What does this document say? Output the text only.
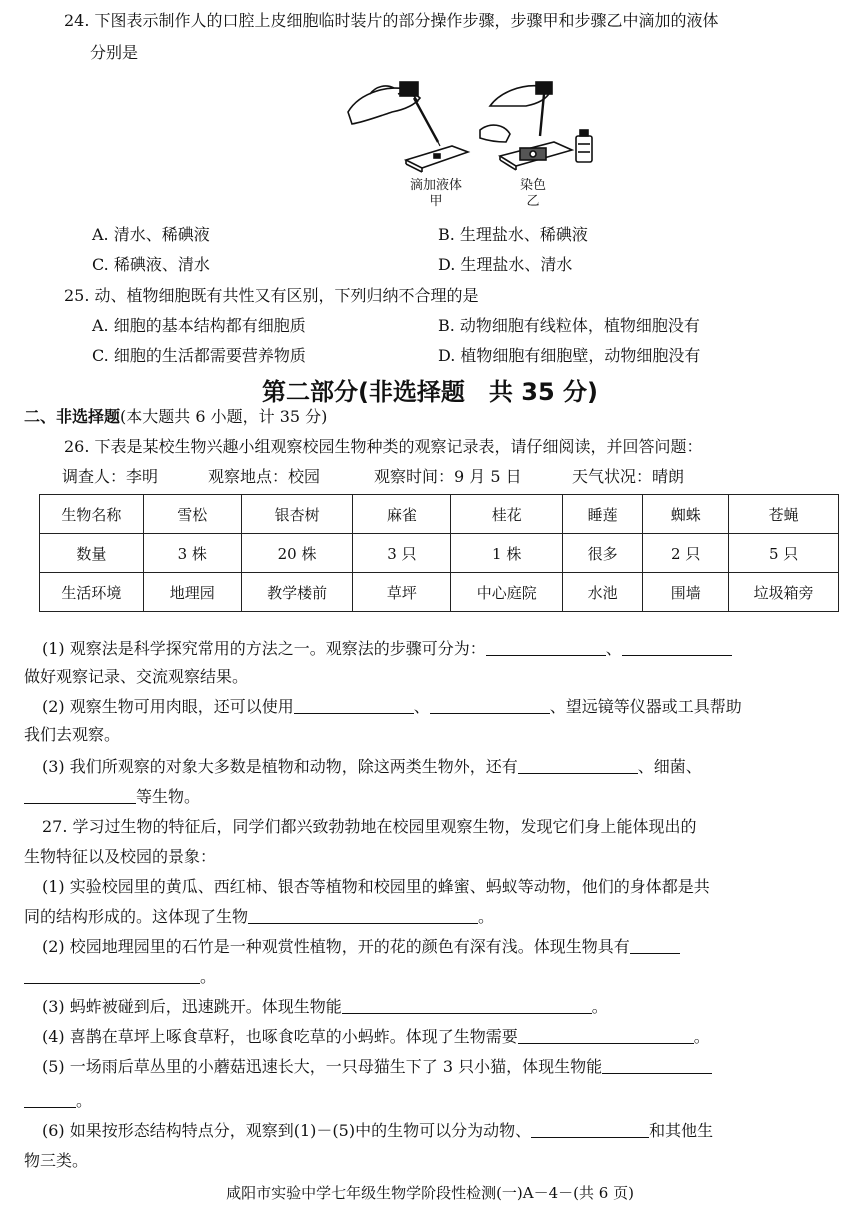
24. 下图表示制作人的口腔上皮细胞临时装片的部分操作步骤，步骤甲和步骤乙中滴加的液体
分别是
滴加液体
甲
染色
乙
A. 清水、稀碘液	B. 生理盐水、稀碘液
C. 稀碘液、清水	D. 生理盐水、清水
25. 动、植物细胞既有共性又有区别，下列归纳不合理的是
A. 细胞的基本结构都有细胞质	B. 动物细胞有线粒体，植物细胞没有
C. 细胞的生活都需要营养物质	D. 植物细胞有细胞壁，动物细胞没有
第二部分(非选择题　共 35 分)
二、非选择题(本大题共 6 小题，计 35 分)
26. 下表是某校生物兴趣小组观察校园生物种类的观察记录表，请仔细阅读，并回答问题：
调查人：李明	观察地点：校园	观察时间：9 月 5 日	天气状况：晴朗
生物名称	雪松	银杏树	麻雀	桂花	睡莲	蜘蛛	苍蝇
数量	3 株	20 株	3 只	1 株	很多	2 只	5 只
生活环境	地理园	教学楼前	草坪	中心庭院	水池	围墙	垃圾箱旁
(1) 观察法是科学探究常用的方法之一。观察法的步骤可分为：	、
做好观察记录、交流观察结果。
(2) 观察生物可用肉眼，还可以使用	、	、望远镜等仪器或工具帮助
我们去观察。
(3) 我们所观察的对象大多数是植物和动物，除这两类生物外，还有	、细菌、
等生物。
27. 学习过生物的特征后，同学们都兴致勃勃地在校园里观察生物，发现它们身上能体现出的
生物特征以及校园的景象：
(1) 实验校园里的黄瓜、西红柿、银杏等植物和校园里的蜂蜜、蚂蚁等动物，他们的身体都是共
同的结构形成的。这体现了生物	。
(2) 校园地理园里的石竹是一种观赏性植物，开的花的颜色有深有浅。体现生物具有
。
(3) 蚂蚱被碰到后，迅速跳开。体现生物能	。
(4) 喜鹊在草坪上啄食草籽，也啄食吃草的小蚂蚱。体现了生物需要	。
(5) 一场雨后草丛里的小蘑菇迅速长大，一只母猫生下了 3 只小猫，体现生物能
。
(6) 如果按形态结构特点分，观察到(1)－(5)中的生物可以分为动物、	和其他生
物三类。
咸阳市实验中学七年级生物学阶段性检测(一)A－4－(共 6 页)
